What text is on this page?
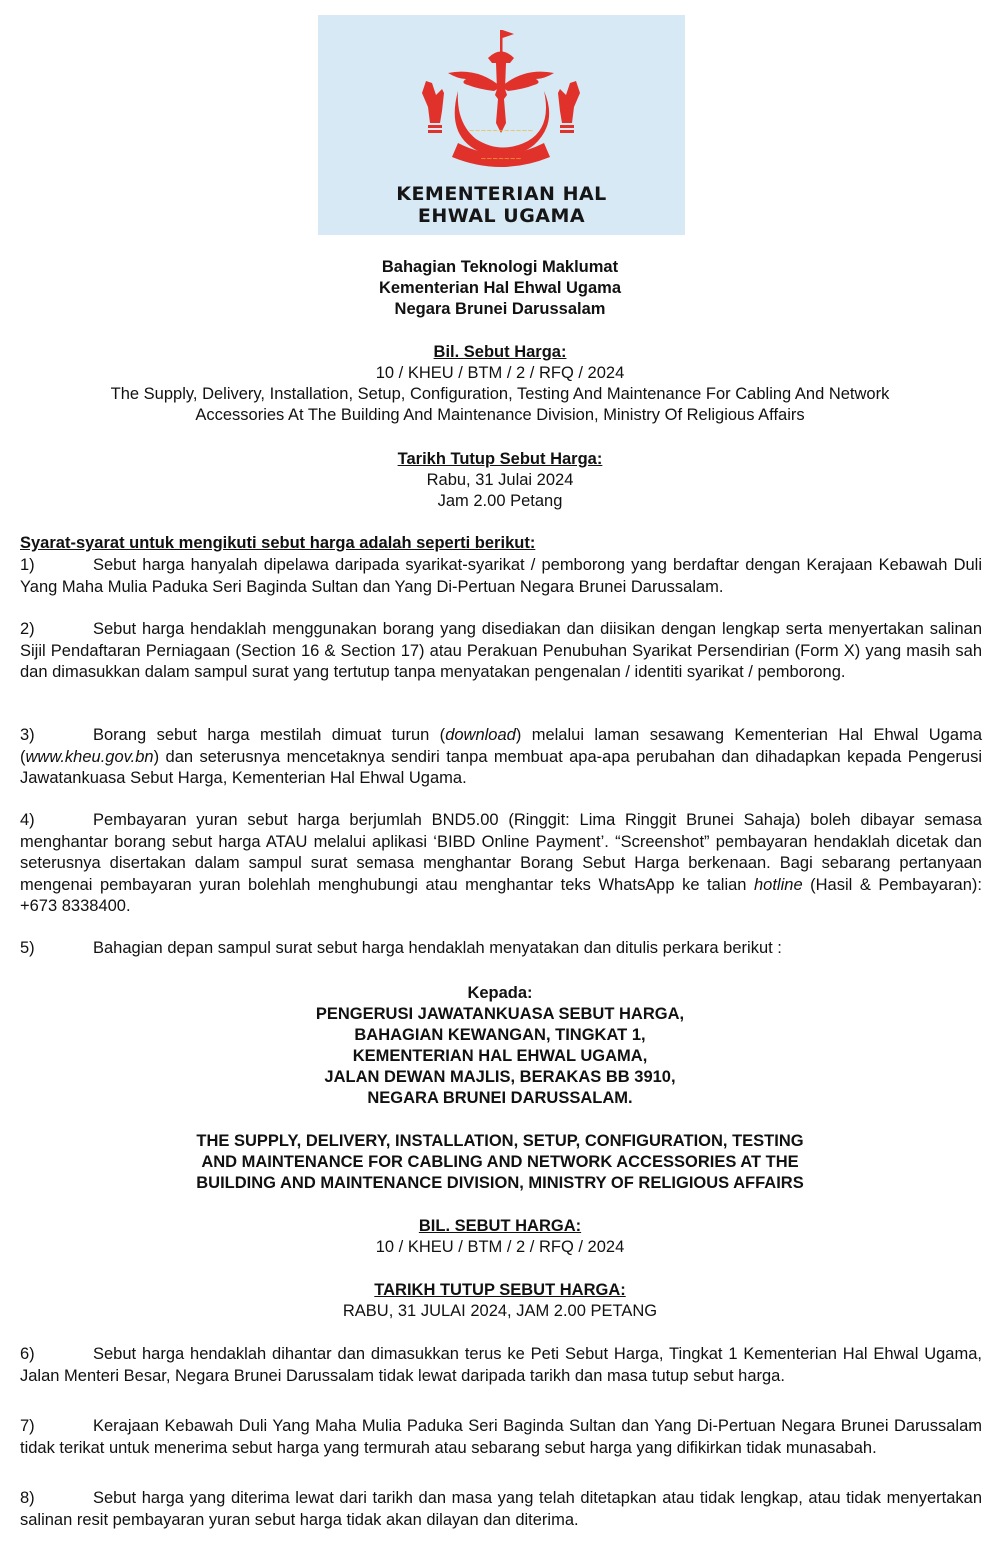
~~~~~~~~~~~
~~~~~~~
KEMENTERIAN HAL
EHWAL UGAMA
Bahagian Teknologi Maklumat
Kementerian Hal Ehwal Ugama
Negara Brunei Darussalam
Bil. Sebut Harga:
10 / KHEU / BTM / 2 / RFQ / 2024
The Supply, Delivery, Installation, Setup, Configuration, Testing And Maintenance For Cabling And Network
Accessories At The Building And Maintenance Division, Ministry Of Religious Affairs
Tarikh Tutup Sebut Harga:
Rabu, 31 Julai 2024
Jam 2.00 Petang
Syarat-syarat untuk mengikuti sebut harga adalah seperti berikut:

1)	Sebut harga hanyalah dipelawa daripada syarikat-syarikat / pemborong yang berdaftar dengan Kerajaan Kebawah Duli Yang Maha Mulia Paduka Seri Baginda Sultan dan Yang Di-Pertuan Negara Brunei Darussalam.

2)	Sebut harga hendaklah menggunakan borang yang disediakan dan diisikan dengan lengkap serta menyertakan salinan Sijil Pendaftaran Perniagaan (Section 16 & Section 17) atau Perakuan Penubuhan Syarikat Persendirian (Form X) yang masih sah dan dimasukkan dalam sampul surat yang tertutup tanpa menyatakan pengenalan / identiti syarikat / pemborong.

3)	Borang sebut harga mestilah dimuat turun (download) melalui laman sesawang Kementerian Hal Ehwal Ugama (www.kheu.gov.bn) dan seterusnya mencetaknya sendiri tanpa membuat apa-apa perubahan dan dihadapkan kepada Pengerusi Jawatankuasa Sebut Harga, Kementerian Hal Ehwal Ugama.

4)	Pembayaran yuran sebut harga berjumlah BND5.00 (Ringgit: Lima Ringgit Brunei Sahaja) boleh dibayar semasa menghantar borang sebut harga ATAU melalui aplikasi ‘BIBD Online Payment’. “Screenshot” pembayaran hendaklah dicetak dan seterusnya disertakan dalam sampul surat semasa menghantar Borang Sebut Harga berkenaan. Bagi sebarang pertanyaan mengenai pembayaran yuran bolehlah menghubungi atau menghantar teks WhatsApp ke talian hotline (Hasil & Pembayaran): +673 8338400.

5)	Bahagian depan sampul surat sebut harga hendaklah menyatakan dan ditulis perkara berikut :

Kepada:
PENGERUSI JAWATANKUASA SEBUT HARGA,
BAHAGIAN KEWANGAN, TINGKAT 1,
KEMENTERIAN HAL EHWAL UGAMA,
JALAN DEWAN MAJLIS, BERAKAS BB 3910,
NEGARA BRUNEI DARUSSALAM.
THE SUPPLY, DELIVERY, INSTALLATION, SETUP, CONFIGURATION, TESTING
AND MAINTENANCE FOR CABLING AND NETWORK ACCESSORIES AT THE
BUILDING AND MAINTENANCE DIVISION, MINISTRY OF RELIGIOUS AFFAIRS
BIL. SEBUT HARGA:
10 / KHEU / BTM / 2 / RFQ / 2024
TARIKH TUTUP SEBUT HARGA:
RABU, 31 JULAI 2024, JAM 2.00 PETANG

6)	Sebut harga hendaklah dihantar dan dimasukkan terus ke Peti Sebut Harga, Tingkat 1 Kementerian Hal Ehwal Ugama, Jalan Menteri Besar, Negara Brunei Darussalam tidak lewat daripada tarikh dan masa tutup sebut harga.

7)	Kerajaan Kebawah Duli Yang Maha Mulia Paduka Seri Baginda Sultan dan Yang Di-Pertuan Negara Brunei Darussalam tidak terikat untuk menerima sebut harga yang termurah atau sebarang sebut harga yang difikirkan tidak munasabah.

8)	Sebut harga yang diterima lewat dari tarikh dan masa yang telah ditetapkan atau tidak lengkap, atau tidak menyertakan salinan resit pembayaran yuran sebut harga tidak akan dilayan dan diterima.
